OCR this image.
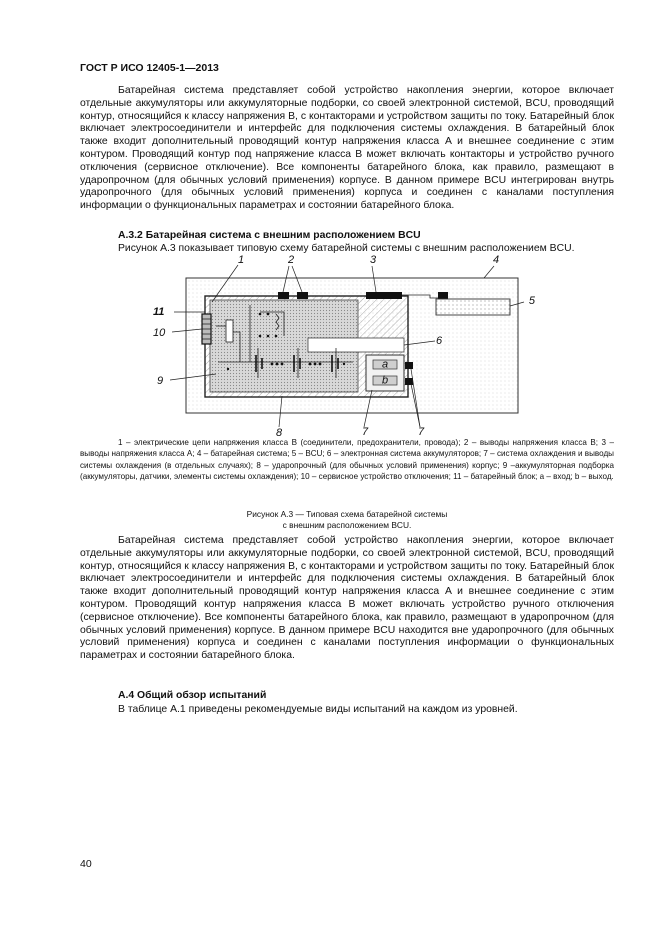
ГОСТ Р ИСО 12405-1—2013

Батарейная система представляет собой устройство накопления энергии, которое включает отдельные аккумуляторы или аккумуляторные подборки, со своей электронной системой, BCU, проводящий контур, относящийся к классу напряжения B, с контакторами и устройством защиты по току. Батарейный блок включает электросоединители и интерфейс для подключения системы охлаждения. В батарейный блок также входит дополнительный проводящий контур напряжения класса A и внешнее соединение с этим контуром. Проводящий контур под напряжение класса B может включать контакторы и устройство ручного отключения (сервисное отключение). Все компоненты батарейного блока, как правило, размещают в ударопрочном (для обычных условий применения) корпусе. В данном примере BCU интегрирован внутрь ударопрочного (для обычных условий применения) корпуса и соединен с каналами поступления информации о функциональных параметрах и состоянии батарейного блока.

А.3.2 Батарейная система с внешним расположением BCU
Рисунок А.3 показывает типовую схему батарейной системы с внешним расположением BCU.
a
b
1	2	3	4
5
6
7	7
8
9
10
11

1 – электрические цепи напряжения класса B (соединители, предохранители, провода); 2 – выводы напряжения класса B; 3 – выводы напряжения класса A; 4 – батарейная система; 5 – BCU; 6 – электронная система аккумуляторов; 7 – система охлаждения и выводы системы охлаждения (в отдельных случаях); 8 – ударопрочный (для обычных условий применения) корпус; 9 –аккумуляторная подборка (аккумуляторы, датчики, элементы системы охлаждения); 10 – сервисное устройство отключения; 11 – батарейный блок; a – вход; b – выход.

Рисунок А.3 — Типовая схема батарейной системы
с внешним расположением BCU.

Батарейная система представляет собой устройство накопления энергии, которое включает отдельные аккумуляторы или аккумуляторные подборки, со своей электронной системой, BCU, проводящий контур, относящийся к классу напряжения B, с контакторами и устройством защиты по току. Батарейный блок включает электросоединители и интерфейс для подключения системы охлаждения. В батарейный блок также входит дополнительный проводящий контур напряжения класса A и внешнее соединение с этим контуром. Проводящий контур напряжения класса B может включать устройство ручного отключения (сервисное отключение). Все компоненты батарейного блока, как правило, размещают в ударопрочном (для обычных условий применения) корпусе. В данном примере BCU находится вне ударопрочного (для обычных условий применения) корпуса и соединен с каналами поступления информации о функциональных параметрах и состоянии батарейного блока.

А.4 Общий обзор испытаний
В таблице А.1 приведены рекомендуемые виды испытаний на каждом из уровней.
40
